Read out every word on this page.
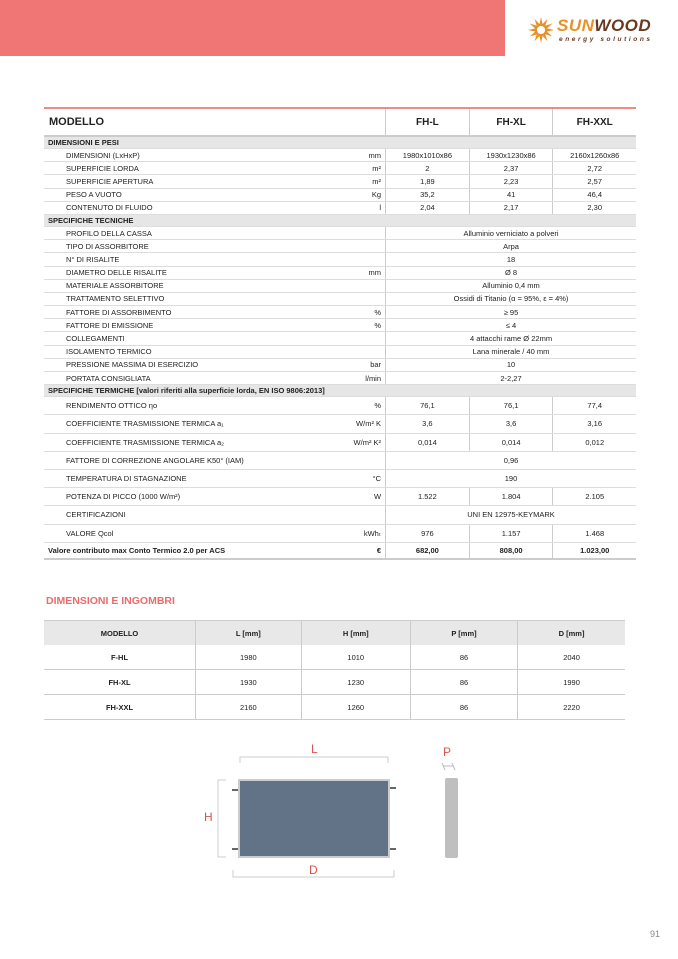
SUNWOOD
energy solutions
MODELLO		FH-L	FH-XL	FH-XXL
DIMENSIONI E PESI				
DIMENSIONI (LxHxP)	mm	1980x1010x86	1930x1230x86	2160x1260x86
SUPERFICIE LORDA	m²	2	2,37	2,72
SUPERFICIE APERTURA	m²	1,89	2,23	2,57
PESO A VUOTO	Kg	35,2	41	46,4
CONTENUTO DI FLUIDO	l	2,04	2,17	2,30
SPECIFICHE TECNICHE				
PROFILO DELLA CASSA		Alluminio verniciato a polveri		
TIPO DI ASSORBITORE		Arpa		
N° DI RISALITE		18		
DIAMETRO DELLE RISALITE	mm	Ø 8		
MATERIALE ASSORBITORE		Alluminio 0,4 mm		
TRATTAMENTO SELETTIVO		Ossidi di Titanio (α = 95%, ε = 4%)		
FATTORE DI ASSORBIMENTO	%	≥ 95		
FATTORE DI EMISSIONE	%	≤ 4		
COLLEGAMENTI		4 attacchi rame Ø 22mm		
ISOLAMENTO TERMICO		Lana minerale / 40 mm		
PRESSIONE MASSIMA DI ESERCIZIO	bar	10		
PORTATA CONSIGLIATA	l/min	2-2,27		
SPECIFICHE TERMICHE [valori riferiti alla superficie lorda, EN ISO 9806:2013]				
RENDIMENTO OTTICO ηo	%	76,1	76,1	77,4
COEFFICIENTE TRASMISSIONE TERMICA a₁	W/m² K	3,6	3,6	3,16
COEFFICIENTE TRASMISSIONE TERMICA a₂	W/m² K²	0,014	0,014	0,012
FATTORE DI CORREZIONE ANGOLARE K50° (IAM)		0,96		
TEMPERATURA DI STAGNAZIONE	°C	190		
POTENZA DI PICCO (1000 W/m²)	W	1.522	1.804	2.105
CERTIFICAZIONI		UNI EN 12975-KEYMARK		
VALORE Qcol	kWhₜ	976	1.157	1.468
Valore contributo max Conto Termico 2.0 per ACS	€	682,00	808,00	1.023,00
DIMENSIONI E INGOMBRI
MODELLO	L [mm]	H [mm]	P [mm]	D [mm]
F-HL	1980	1010	86	2040
FH-XL	1930	1230	86	1990
FH-XXL	2160	1260	86	2220
L
H
D
P
91
